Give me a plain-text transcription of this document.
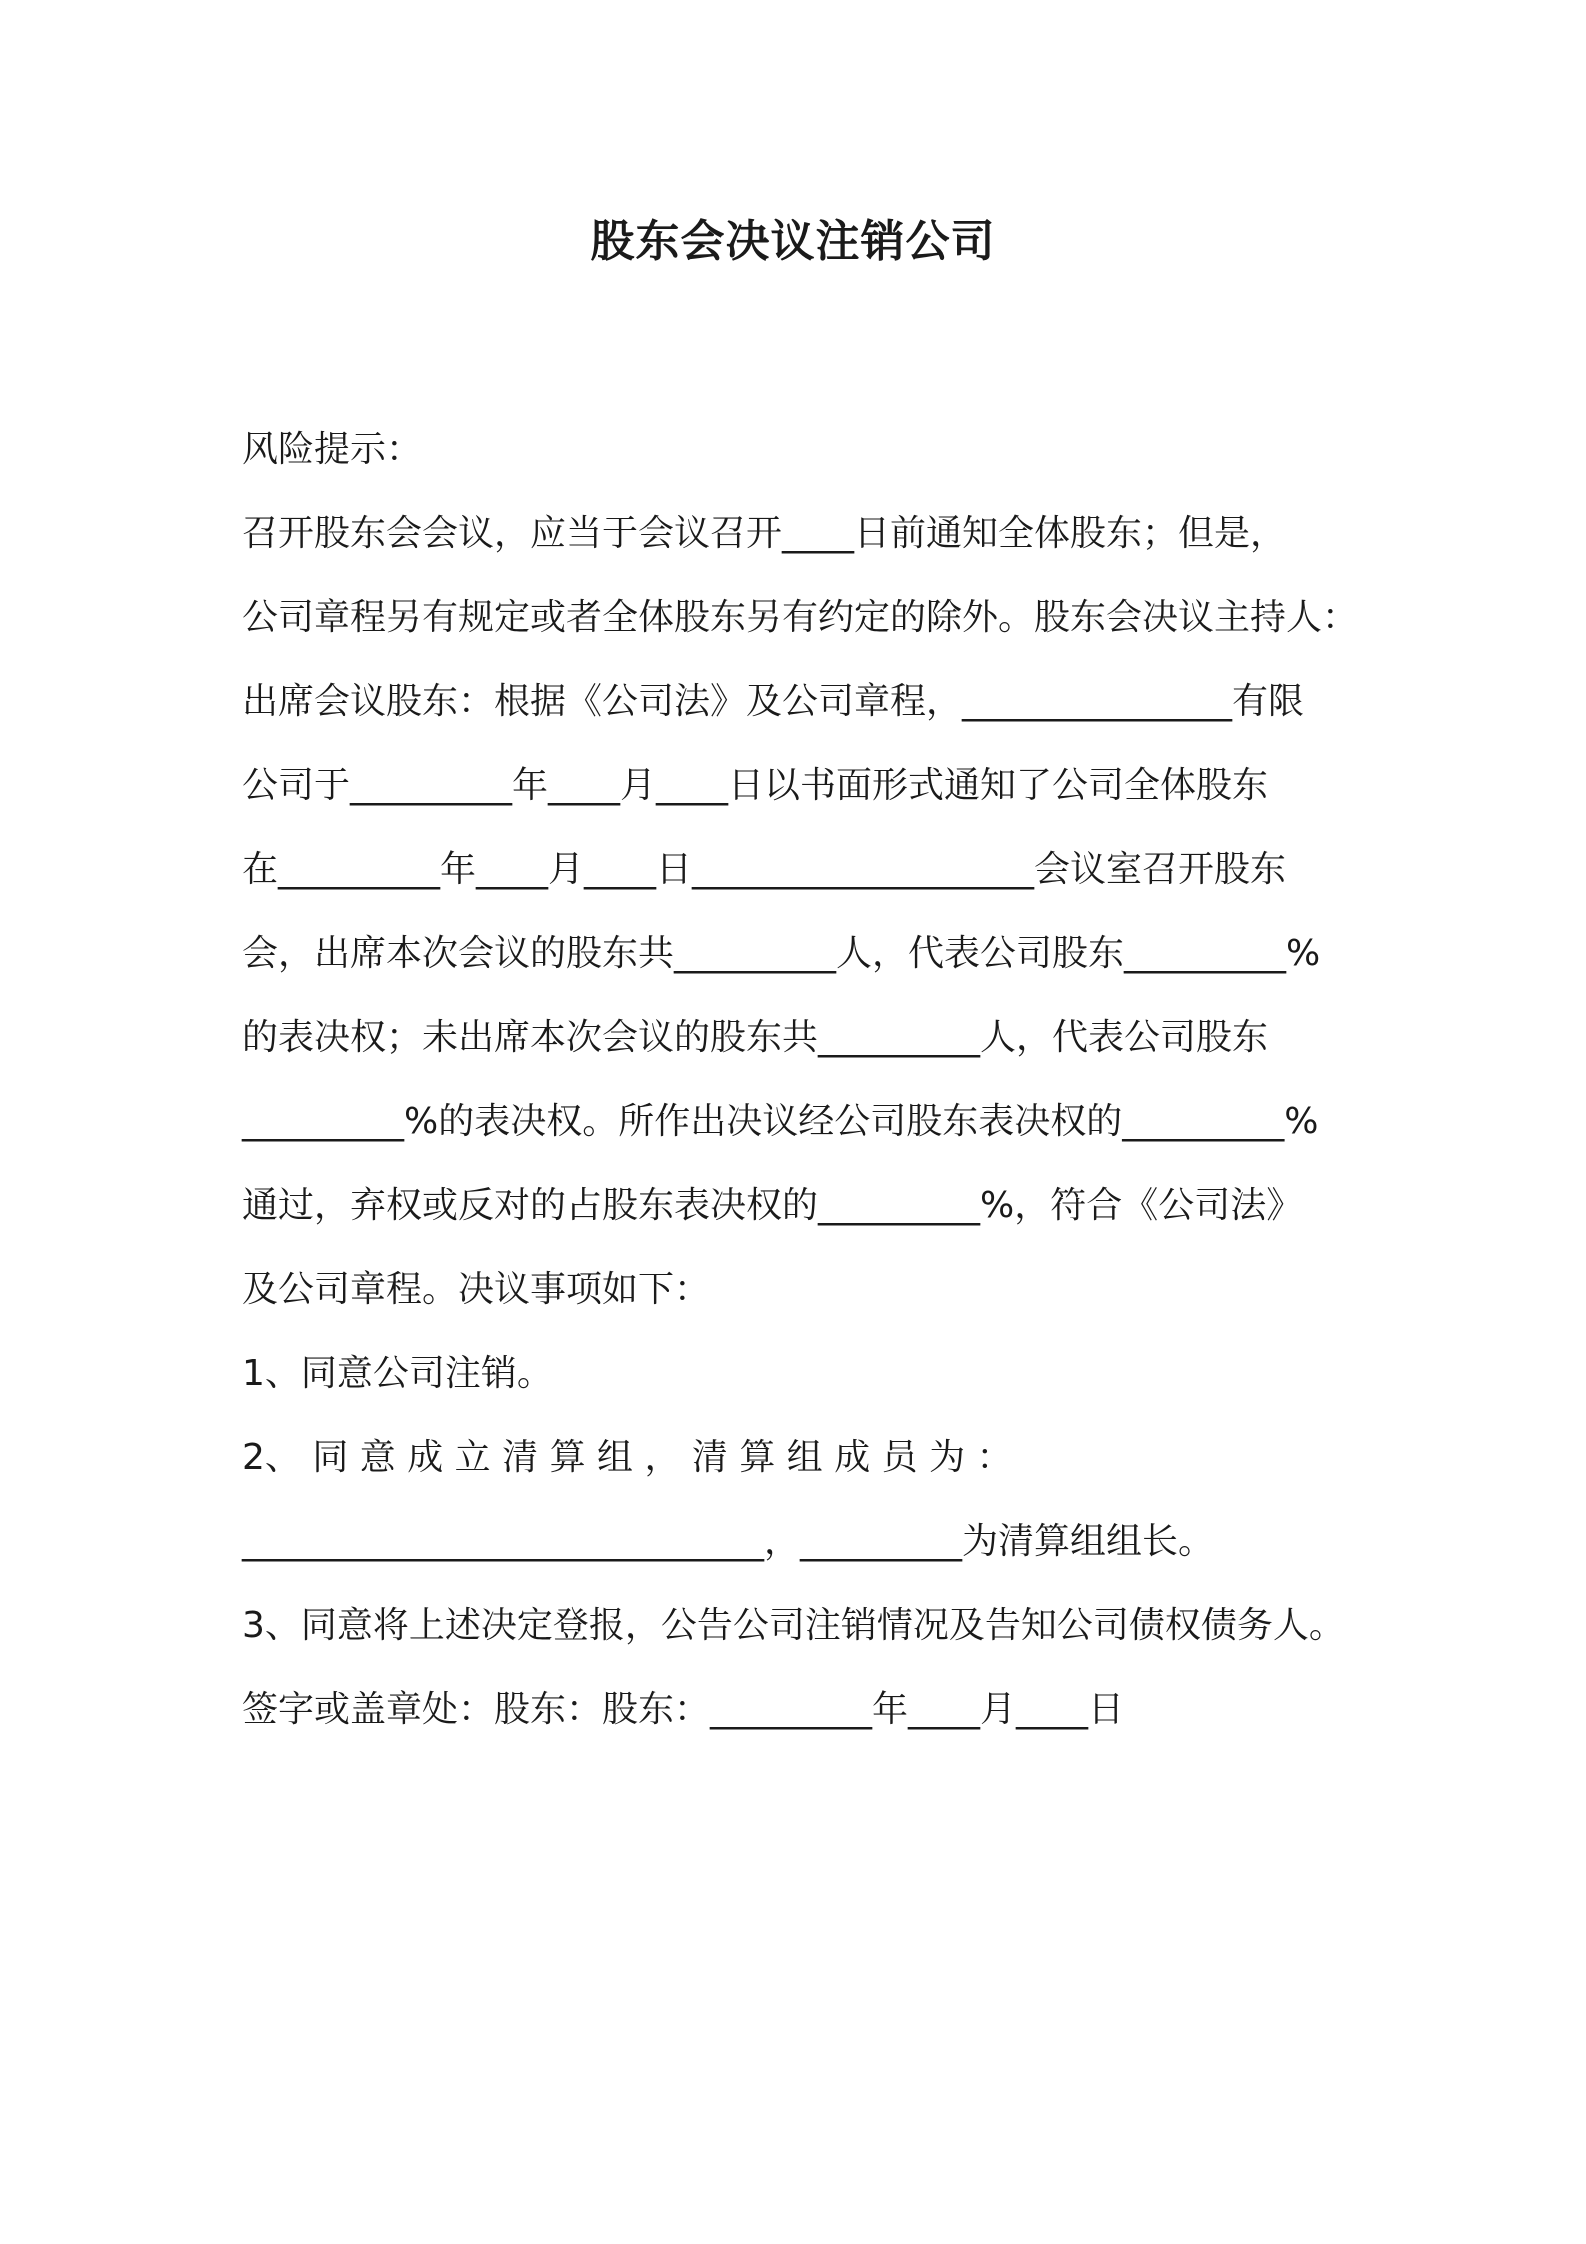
股东会决议注销公司
风险提示：
召开股东会会议，应当于会议召开____日前通知全体股东；但是，
公司章程另有规定或者全体股东另有约定的除外。股东会决议主持人：
出席会议股东：根据《公司法》及公司章程，_______________有限
公司于_________年____月____日以书面形式通知了公司全体股东
在_________年____月____日___________________会议室召开股东
会，出席本次会议的股东共_________人，代表公司股东_________%
的表决权；未出席本次会议的股东共_________人，代表公司股东
_________%的表决权。所作出决议经公司股东表决权的_________%
通过，弃权或反对的占股东表决权的_________%，符合《公司法》
及公司章程。决议事项如下：
1、同意公司注销。
2、 同 意 成 立 清 算 组 ， 清 算 组 成 员 为 ：
_____________________________，_________为清算组组长。
3、同意将上述决定登报，公告公司注销情况及告知公司债权债务人。
签字或盖章处：股东：股东：_________年____月____日
